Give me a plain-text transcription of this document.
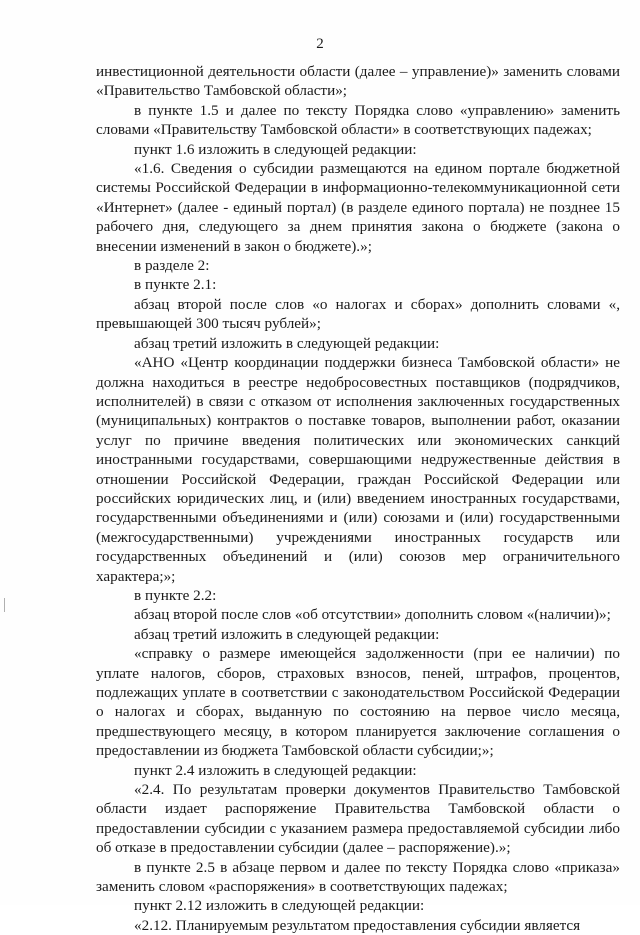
2

инвестиционной деятельности области (далее – управление)» заменить словами «Правительство Тамбовской области»;

в пункте 1.5 и далее по тексту Порядка слово «управлению» заменить словами «Правительству Тамбовской области» в соответствующих падежах;

пункт 1.6 изложить в следующей редакции:

«1.6. Сведения о субсидии размещаются на едином портале бюджетной системы Российской Федерации в информационно-телекоммуникационной сети «Интернет» (далее - единый портал) (в разделе единого портала) не позднее 15 рабочего дня, следующего за днем принятия закона о бюджете (закона о внесении изменений в закон о бюджете).»;

в разделе 2:

в пункте 2.1:

абзац второй после слов «о налогах и сборах» дополнить словами «, превышающей 300 тысяч рублей»;

абзац третий изложить в следующей редакции:

«АНО «Центр координации поддержки бизнеса Тамбовской области» не должна находиться в реестре недобросовестных поставщиков (подрядчиков, исполнителей) в связи с отказом от исполнения заключенных государственных (муниципальных) контрактов о поставке товаров, выполнении работ, оказании услуг по причине введения политических или экономических санкций иностранными государствами, совершающими недружественные действия в отношении Российской Федерации, граждан Российской Федерации или российских юридических лиц, и (или) введением иностранных государствами, государственными объединениями и (или) союзами и (или) государственными (межгосударственными) учреждениями иностранных государств или государственных объединений и (или) союзов мер ограничительного характера;»;

в пункте 2.2:

абзац второй после слов «об отсутствии» дополнить словом «(наличии)»;

абзац третий изложить в следующей редакции:

«справку о размере имеющейся задолженности (при ее наличии) по уплате налогов, сборов, страховых взносов, пеней, штрафов, процентов, подлежащих уплате в соответствии с законодательством Российской Федерации о налогах и сборах, выданную по состоянию на первое число месяца, предшествующего месяцу, в котором планируется заключение соглашения о предоставлении из бюджета Тамбовской области субсидии;»;

пункт 2.4 изложить в следующей редакции:

«2.4. По результатам проверки документов Правительство Тамбовской области издает распоряжение Правительства Тамбовской области о предоставлении субсидии с указанием размера предоставляемой субсидии либо об отказе в предоставлении субсидии (далее – распоряжение).»;

в пункте 2.5 в абзаце первом и далее по тексту Порядка слово «приказа» заменить словом «распоряжения» в соответствующих падежах;

пункт 2.12 изложить в следующей редакции:

«2.12. Планируемым результатом предоставления субсидии является
